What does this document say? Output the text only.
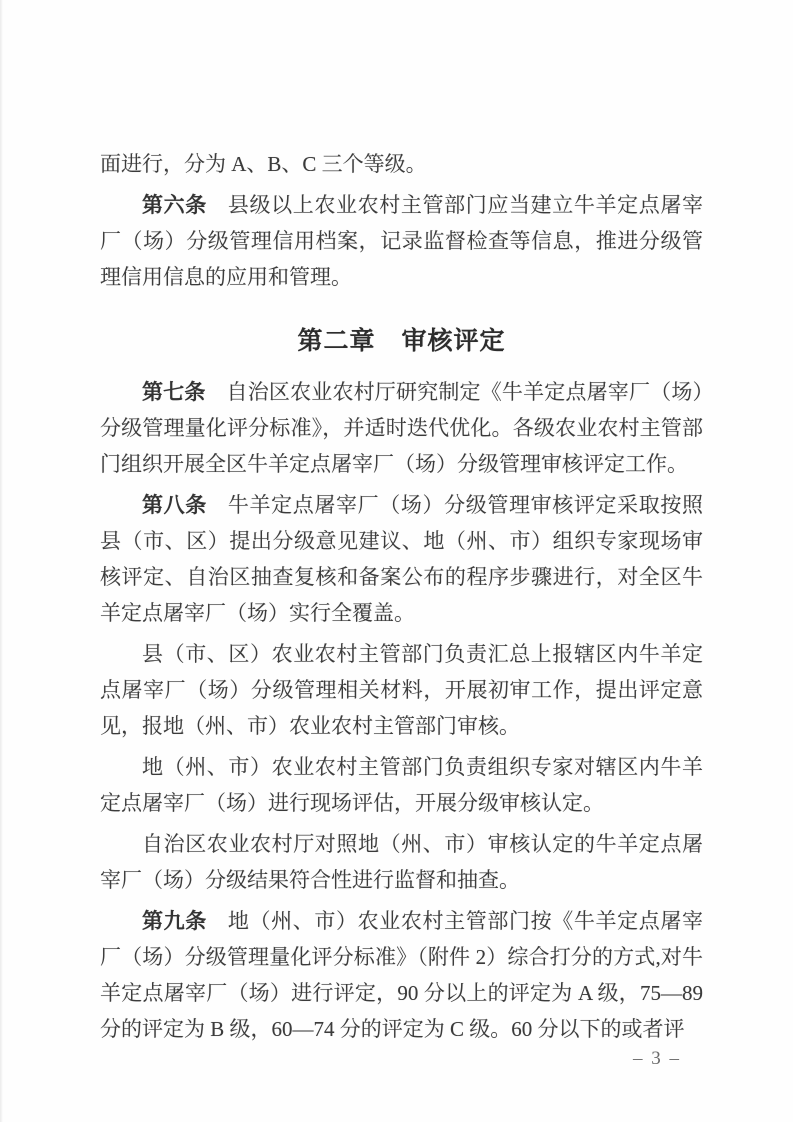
面进行，分为 A、B、C 三个等级。

第六条 县级以上农业农村主管部门应当建立牛羊定点屠宰厂（场）分级管理信用档案，记录监督检查等信息，推进分级管理信用信息的应用和管理。

第二章　审核评定

第七条 自治区农业农村厅研究制定《牛羊定点屠宰厂（场）分级管理量化评分标准》，并适时迭代优化。各级农业农村主管部门组织开展全区牛羊定点屠宰厂（场）分级管理审核评定工作。

第八条 牛羊定点屠宰厂（场）分级管理审核评定采取按照县（市、区）提出分级意见建议、地（州、市）组织专家现场审核评定、自治区抽查复核和备案公布的程序步骤进行，对全区牛羊定点屠宰厂（场）实行全覆盖。

县（市、区）农业农村主管部门负责汇总上报辖区内牛羊定点屠宰厂（场）分级管理相关材料，开展初审工作，提出评定意见，报地（州、市）农业农村主管部门审核。

地（州、市）农业农村主管部门负责组织专家对辖区内牛羊定点屠宰厂（场）进行现场评估，开展分级审核认定。

自治区农业农村厅对照地（州、市）审核认定的牛羊定点屠宰厂（场）分级结果符合性进行监督和抽查。

第九条 地（州、市）农业农村主管部门按《牛羊定点屠宰厂（场）分级管理量化评分标准》（附件 2）综合打分的方式,对牛羊定点屠宰厂（场）进行评定，90 分以上的评定为 A 级，75—89 分的评定为 B 级，60—74 分的评定为 C 级。60 分以下的或者评

– 3 –
